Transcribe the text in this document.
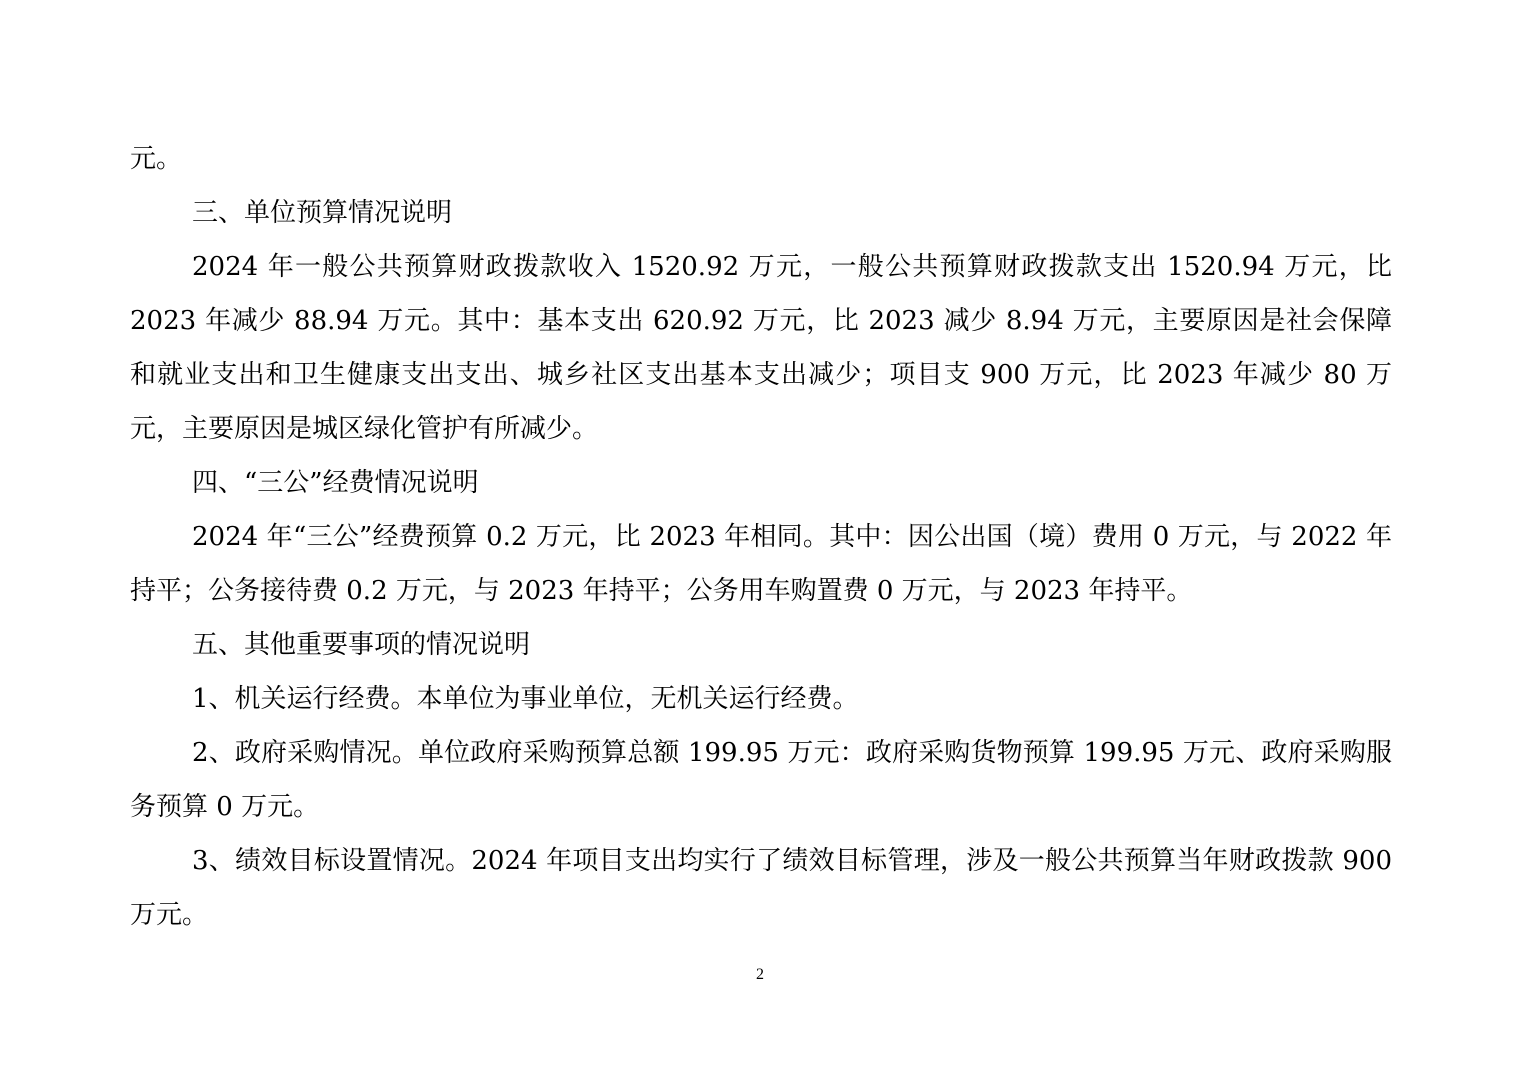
元。

三、单位预算情况说明

2024 年一般公共预算财政拨款收入 1520.92 万元，一般公共预算财政拨款支出 1520.94 万元，比 2023 年减少 88.94 万元。其中：基本支出 620.92 万元，比 2023 减少 8.94 万元，主要原因是社会保障和就业支出和卫生健康支出支出、城乡社区支出基本支出减少；项目支 900 万元，比 2023 年减少 80 万元，主要原因是城区绿化管护有所减少。

四、“三公”经费情况说明

2024 年“三公”经费预算 0.2 万元，比 2023 年相同。其中：因公出国（境）费用 0 万元，与 2022 年持平；公务接待费 0.2 万元，与 2023 年持平；公务用车购置费 0 万元，与 2023 年持平。

五、其他重要事项的情况说明

1、机关运行经费。本单位为事业单位，无机关运行经费。

2、政府采购情况。单位政府采购预算总额 199.95 万元：政府采购货物预算 199.95 万元、政府采购服务预算 0 万元。

3、绩效目标设置情况。2024 年项目支出均实行了绩效目标管理，涉及一般公共预算当年财政拨款 900 万元。

2
